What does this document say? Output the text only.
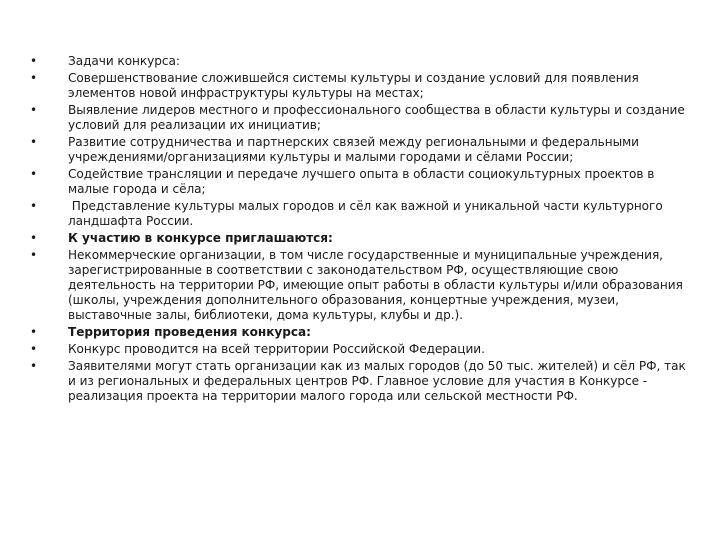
•	Задачи конкурса:
•	Совершенствование сложившейся системы культуры и создание условий для появления элементов новой инфраструктуры культуры на местах;
•	Выявление лидеров местного и профессионального сообщества в области культуры и создание условий для реализации их инициатив;
•	Развитие сотрудничества и партнерских связей между региональными и федеральными учреждениями/организациями культуры и малыми городами и сёлами России;
•	Содействие трансляции и передаче лучшего опыта в области социокультурных проектов в малые города и сёла;
•	Представление культуры малых городов и сёл как важной и уникальной части культурного ландшафта России.
•	К участию в конкурсе приглашаются:
•	Некоммерческие организации, в том числе государственные и муниципальные учреждения, зарегистрированные в соответствии с законодательством РФ, осуществляющие свою деятельность на территории РФ, имеющие опыт работы в области культуры и/или образования (школы, учреждения дополнительного образования, концертные учреждения, музеи, выставочные залы, библиотеки, дома культуры, клубы и др.).
•	Территория проведения конкурса:
•	Конкурс проводится на всей территории Российской Федерации.
•	Заявителями могут стать организации как из малых городов (до 50 тыс. жителей) и сёл РФ, так и из региональных и федеральных центров РФ. Главное условие для участия в Конкурсе - реализация проекта на территории малого города или сельской местности РФ.
